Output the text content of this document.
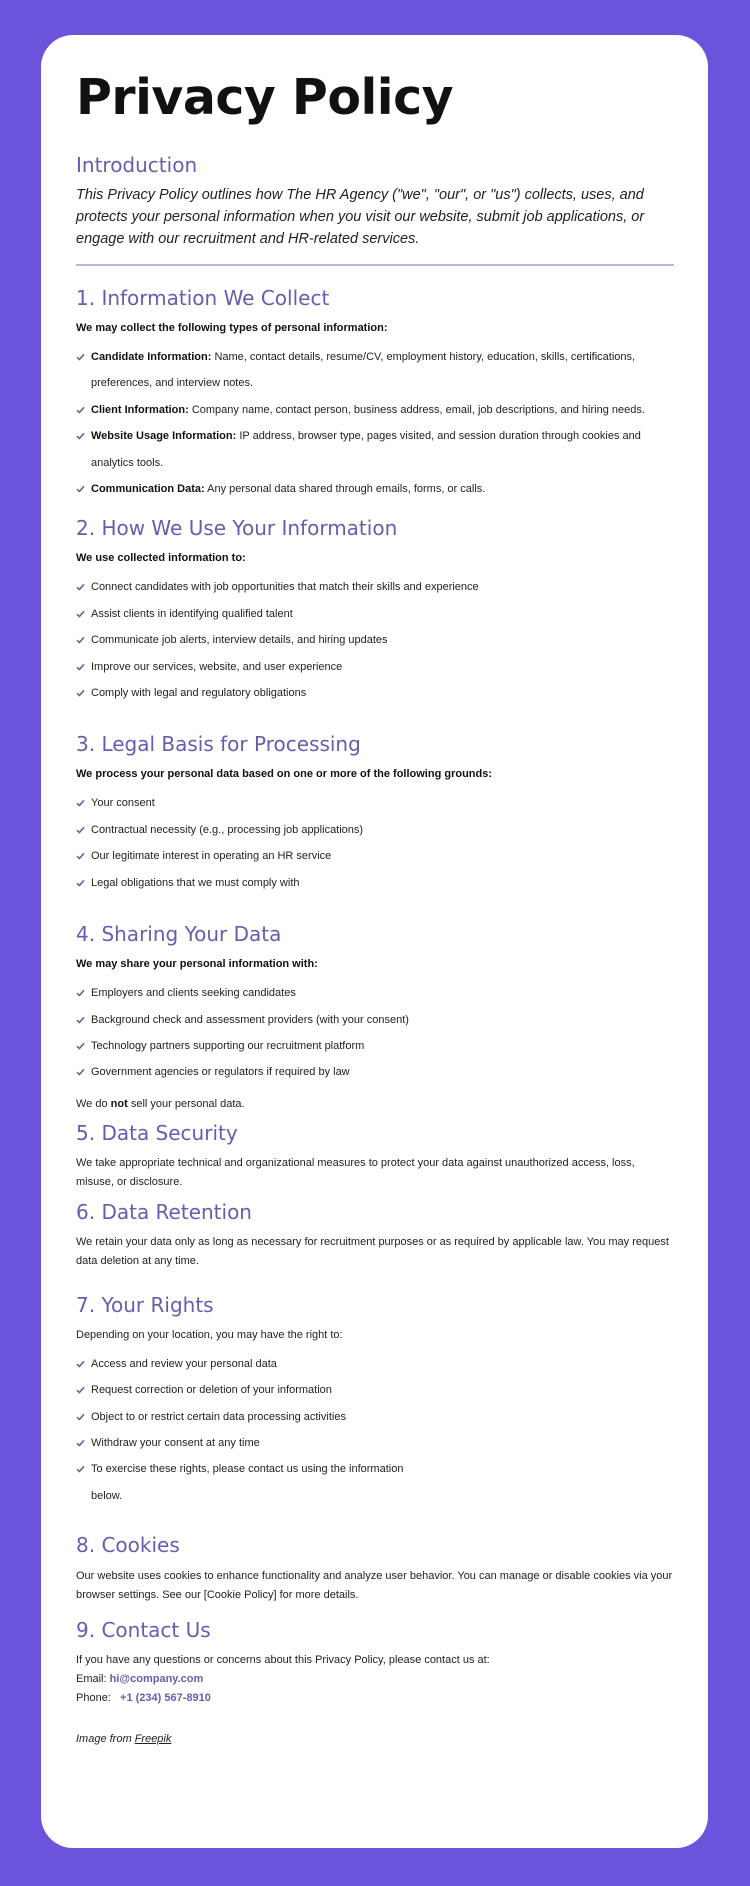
Privacy Policy
Introduction

This Privacy Policy outlines how The HR Agency ("we", "our", or "us") collects, uses, and protects your personal information when you visit our website, submit job applications, or engage with our recruitment and HR-related services.

1. Information We Collect

We may collect the following types of personal information:

Candidate Information: Name, contact details, resume/CV, employment history, education, skills, certifications, preferences, and interview notes.
Client Information: Company name, contact person, business address, email, job descriptions, and hiring needs.
Website Usage Information: IP address, browser type, pages visited, and session duration through cookies and analytics tools.
Communication Data: Any personal data shared through emails, forms, or calls.
2. How We Use Your Information

We use collected information to:

Connect candidates with job opportunities that match their skills and experience
Assist clients in identifying qualified talent
Communicate job alerts, interview details, and hiring updates
Improve our services, website, and user experience
Comply with legal and regulatory obligations
3. Legal Basis for Processing

We process your personal data based on one or more of the following grounds:

Your consent
Contractual necessity (e.g., processing job applications)
Our legitimate interest in operating an HR service
Legal obligations that we must comply with
4. Sharing Your Data

We may share your personal information with:

Employers and clients seeking candidates
Background check and assessment providers (with your consent)
Technology partners supporting our recruitment platform
Government agencies or regulators if required by law

We do not sell your personal data.

5. Data Security

We take appropriate technical and organizational measures to protect your data against unauthorized access, loss, misuse, or disclosure.

6. Data Retention

We retain your data only as long as necessary for recruitment purposes or as required by applicable law. You may request data deletion at any time.

7. Your Rights

Depending on your location, you may have the right to:

Access and review your personal data
Request correction or deletion of your information
Object to or restrict certain data processing activities
Withdraw your consent at any time
To exercise these rights, please contact us using the information below.
8. Cookies

Our website uses cookies to enhance functionality and analyze user behavior. You can manage or disable cookies via your browser settings. See our [Cookie Policy] for more details.

9. Contact Us

If you have any questions or concerns about this Privacy Policy, please contact us at:

Email: hi@company.com

Phone: +1 (234) 567-8910

Image from Freepik
